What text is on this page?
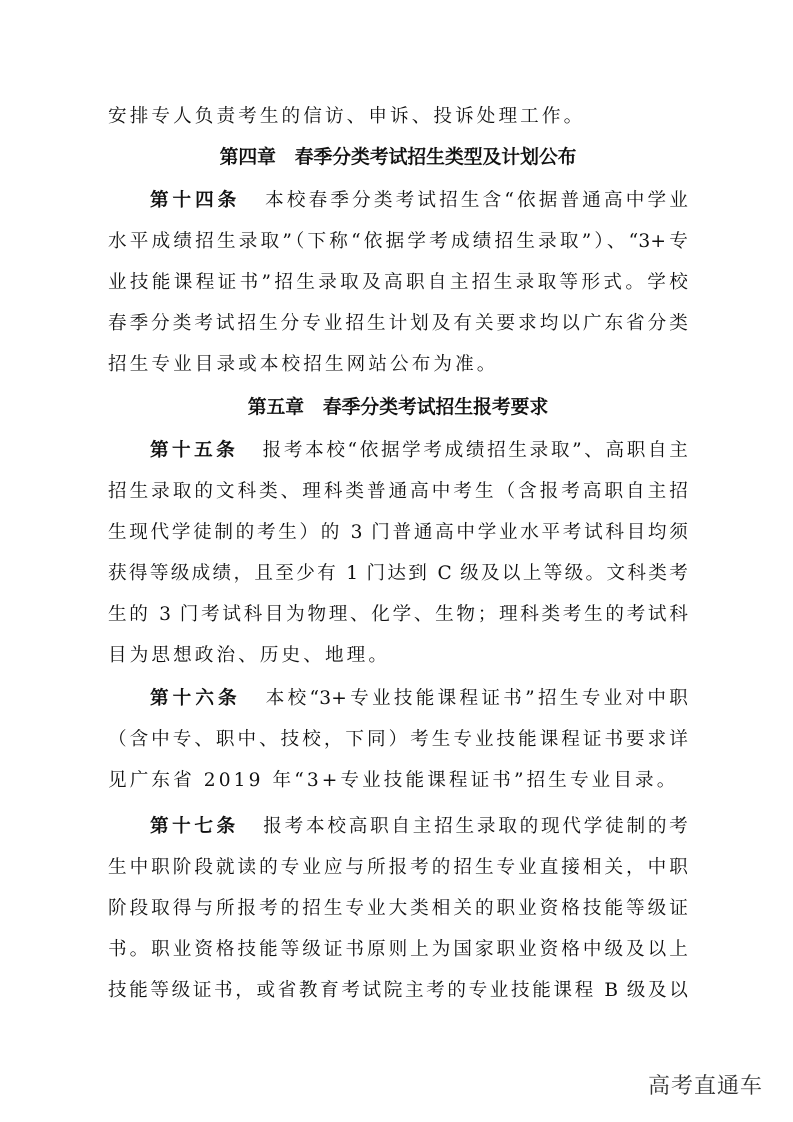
安排专人负责考生的信访、申诉、投诉处理工作。
第四章　春季分类考试招生类型及计划公布
第十四条 本校春季分类考试招生含“依据普通高中学业
水平成绩招生录取”（下称“依据学考成绩招生录取”）、“3+专
业技能课程证书”招生录取及高职自主招生录取等形式。学校
春季分类考试招生分专业招生计划及有关要求均以广东省分类
招生专业目录或本校招生网站公布为准。
第五章　春季分类考试招生报考要求
第十五条 报考本校“依据学考成绩招生录取”、高职自主
招生录取的文科类、理科类普通高中考生（含报考高职自主招
生现代学徒制的考生）的 3 门普通高中学业水平考试科目均须
获得等级成绩，且至少有 1 门达到 C 级及以上等级。文科类考
生的 3 门考试科目为物理、化学、生物；理科类考生的考试科
目为思想政治、历史、地理。
第十六条 本校“3+专业技能课程证书”招生专业对中职
（含中专、职中、技校，下同）考生专业技能课程证书要求详
见广东省 2019 年“3+专业技能课程证书”招生专业目录。
第十七条 报考本校高职自主招生录取的现代学徒制的考
生中职阶段就读的专业应与所报考的招生专业直接相关，中职
阶段取得与所报考的招生专业大类相关的职业资格技能等级证
书。职业资格技能等级证书原则上为国家职业资格中级及以上
技能等级证书，或省教育考试院主考的专业技能课程 B 级及以
高考直通车
